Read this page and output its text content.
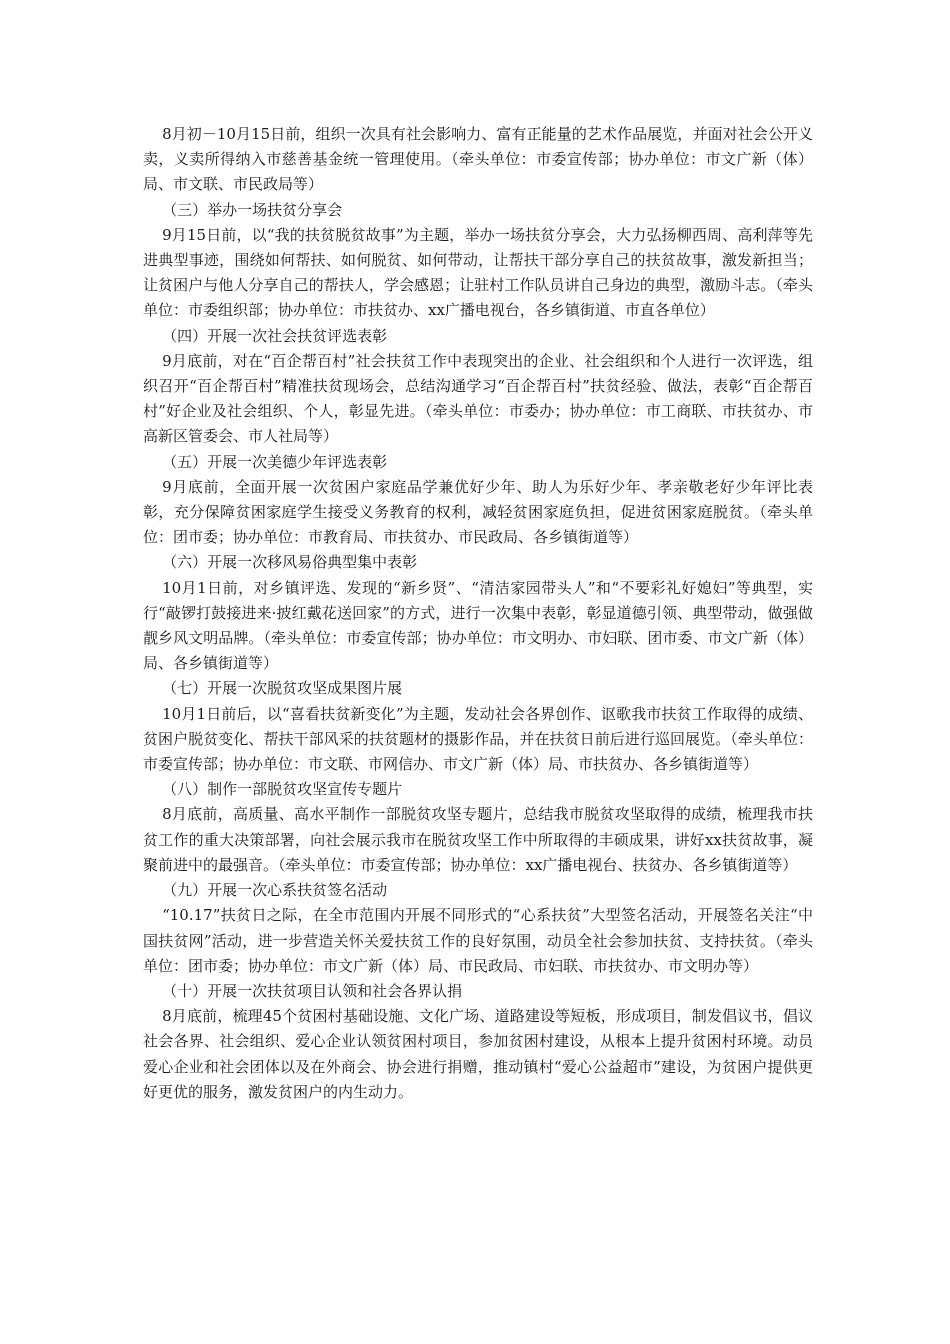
8月初－10月15日前，组织一次具有社会影响力、富有正能量的艺术作品展览，并面对社会公开义卖，义卖所得纳入市慈善基金统一管理使用。（牵头单位：市委宣传部；协办单位：市文广新（体）局、市文联、市民政局等）

（三）举办一场扶贫分享会

9月15日前，以“我的扶贫脱贫故事”为主题，举办一场扶贫分享会，大力弘扬柳西周、高利萍等先进典型事迹，围绕如何帮扶、如何脱贫、如何带动，让帮扶干部分享自己的扶贫故事，激发新担当；让贫困户与他人分享自己的帮扶人，学会感恩；让驻村工作队员讲自己身边的典型，激励斗志。（牵头单位：市委组织部；协办单位：市扶贫办、xx广播电视台，各乡镇街道、市直各单位）

（四）开展一次社会扶贫评选表彰

9月底前，对在“百企帮百村”社会扶贫工作中表现突出的企业、社会组织和个人进行一次评选，组织召开“百企帮百村”精准扶贫现场会，总结沟通学习“百企帮百村”扶贫经验、做法，表彰“百企帮百村”好企业及社会组织、个人，彰显先进。（牵头单位：市委办；协办单位：市工商联、市扶贫办、市高新区管委会、市人社局等）

（五）开展一次美德少年评选表彰

9月底前，全面开展一次贫困户家庭品学兼优好少年、助人为乐好少年、孝亲敬老好少年评比表彰，充分保障贫困家庭学生接受义务教育的权利，减轻贫困家庭负担，促进贫困家庭脱贫。（牵头单位：团市委；协办单位：市教育局、市扶贫办、市民政局、各乡镇街道等）

（六）开展一次移风易俗典型集中表彰

10月1日前，对乡镇评选、发现的“新乡贤”、“清洁家园带头人”和“不要彩礼好媳妇”等典型，实行“敲锣打鼓接进来·披红戴花送回家”的方式，进行一次集中表彰，彰显道德引领、典型带动，做强做靓乡风文明品牌。（牵头单位：市委宣传部；协办单位：市文明办、市妇联、团市委、市文广新（体）局、各乡镇街道等）

（七）开展一次脱贫攻坚成果图片展

10月1日前后，以“喜看扶贫新变化”为主题，发动社会各界创作、讴歌我市扶贫工作取得的成绩、贫困户脱贫变化、帮扶干部风采的扶贫题材的摄影作品，并在扶贫日前后进行巡回展览。（牵头单位：市委宣传部；协办单位：市文联、市网信办、市文广新（体）局、市扶贫办、各乡镇街道等）

（八）制作一部脱贫攻坚宣传专题片

8月底前，高质量、高水平制作一部脱贫攻坚专题片，总结我市脱贫攻坚取得的成绩，梳理我市扶贫工作的重大决策部署，向社会展示我市在脱贫攻坚工作中所取得的丰硕成果，讲好xx扶贫故事，凝聚前进中的最强音。（牵头单位：市委宣传部；协办单位：xx广播电视台、扶贫办、各乡镇街道等）

（九）开展一次心系扶贫签名活动

“10.17”扶贫日之际，在全市范围内开展不同形式的“心系扶贫”大型签名活动，开展签名关注“中国扶贫网”活动，进一步营造关怀关爱扶贫工作的良好氛围，动员全社会参加扶贫、支持扶贫。（牵头单位：团市委；协办单位：市文广新（体）局、市民政局、市妇联、市扶贫办、市文明办等）

（十）开展一次扶贫项目认领和社会各界认捐

8月底前，梳理45个贫困村基础设施、文化广场、道路建设等短板，形成项目，制发倡议书，倡议社会各界、社会组织、爱心企业认领贫困村项目，参加贫困村建设，从根本上提升贫困村环境。动员爱心企业和社会团体以及在外商会、协会进行捐赠，推动镇村“爱心公益超市”建设，为贫困户提供更好更优的服务，激发贫困户的内生动力。
